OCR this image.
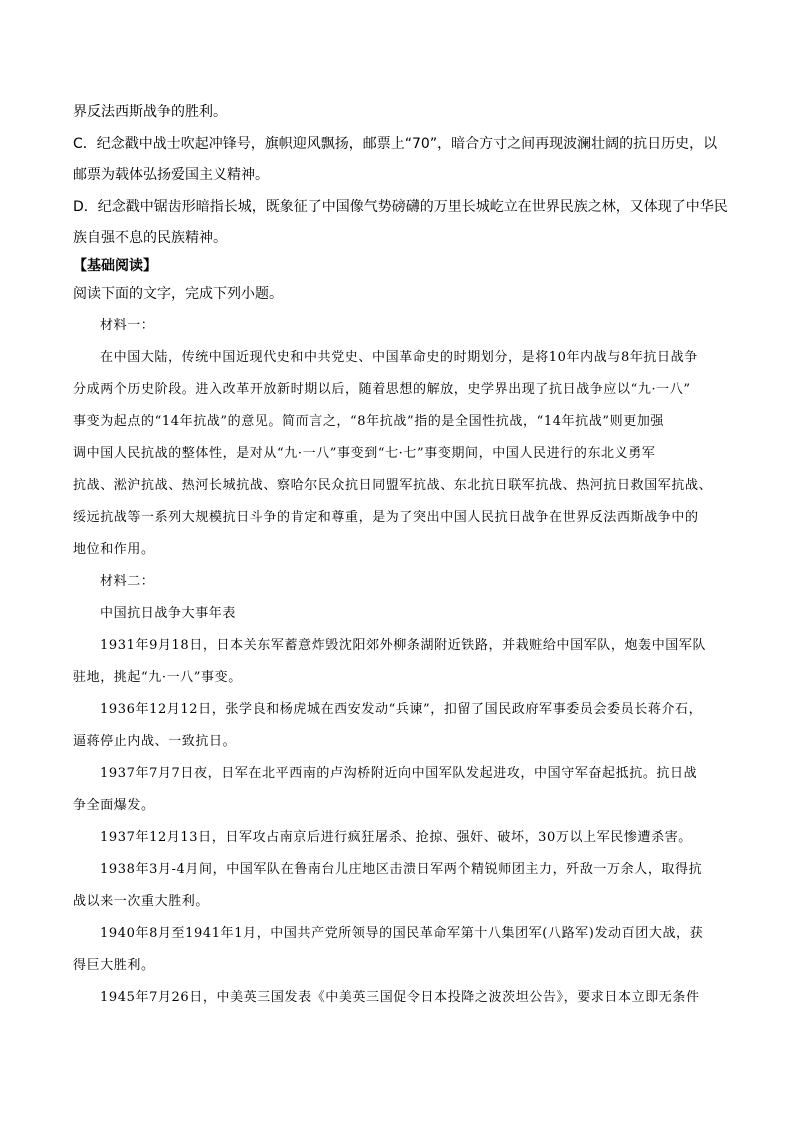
界反法西斯战争的胜利。
C．纪念戳中战士吹起冲锋号，旗帜迎风飘扬，邮票上“70”，暗合方寸之间再现波澜壮阔的抗日历史，以
邮票为载体弘扬爱国主义精神。
D．纪念戳中锯齿形暗指长城，既象征了中国像气势磅礴的万里长城屹立在世界民族之林，又体现了中华民
族自强不息的民族精神。
【基础阅读】
阅读下面的文字，完成下列小题。
材料一：
在中国大陆，传统中国近现代史和中共党史、中国革命史的时期划分，是将10年内战与8年抗日战争
分成两个历史阶段。进入改革开放新时期以后，随着思想的解放，史学界出现了抗日战争应以“九·一八”
事变为起点的“14年抗战”的意见。简而言之，“8年抗战”指的是全国性抗战，“14年抗战”则更加强
调中国人民抗战的整体性，是对从“九·一八”事变到“七·七”事变期间，中国人民进行的东北义勇军
抗战、淞沪抗战、热河长城抗战、察哈尔民众抗日同盟军抗战、东北抗日联军抗战、热河抗日救国军抗战、
绥远抗战等一系列大规模抗日斗争的肯定和尊重，是为了突出中国人民抗日战争在世界反法西斯战争中的
地位和作用。
材料二：
中国抗日战争大事年表
1931年9月18日，日本关东军蓄意炸毁沈阳郊外柳条湖附近铁路，并栽赃给中国军队，炮轰中国军队
驻地，挑起“九·一八”事变。
1936年12月12日，张学良和杨虎城在西安发动“兵谏”，扣留了国民政府军事委员会委员长蒋介石，
逼蒋停止内战、一致抗日。
1937年7月7日夜，日军在北平西南的卢沟桥附近向中国军队发起进攻，中国守军奋起抵抗。抗日战
争全面爆发。
1937年12月13日，日军攻占南京后进行疯狂屠杀、抢掠、强奸、破坏，30万以上军民惨遭杀害。
1938年3月-4月间，中国军队在鲁南台儿庄地区击溃日军两个精锐师团主力，歼敌一万余人，取得抗
战以来一次重大胜利。
1940年8月至1941年1月，中国共产党所领导的国民革命军第十八集团军(八路军)发动百团大战，获
得巨大胜利。
1945年7月26日，中美英三国发表《中美英三国促令日本投降之波茨坦公告》，要求日本立即无条件
